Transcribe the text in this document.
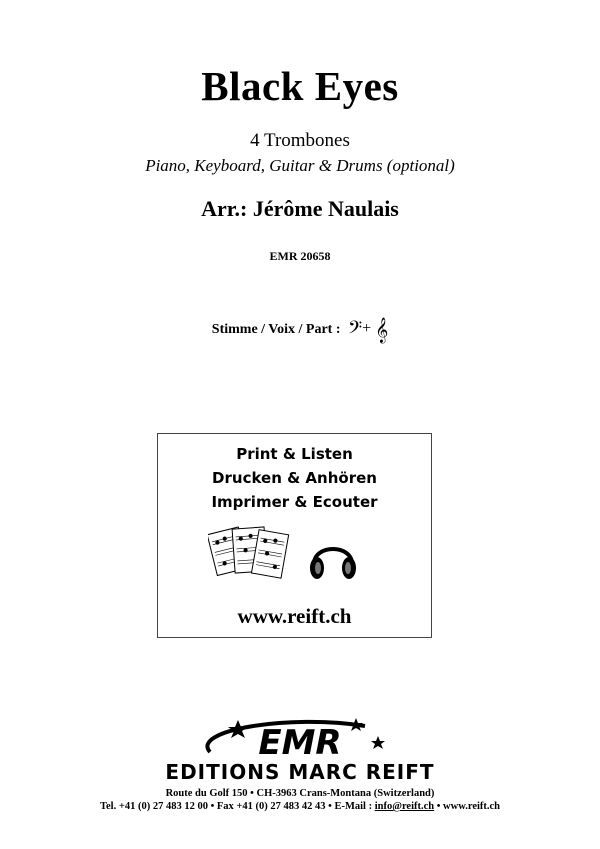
Black Eyes
4 Trombones
Piano, Keyboard, Guitar & Drums (optional)
Arr.: Jérôme Naulais
EMR 20658
Stimme / Voix / Part : 𝄢+ 𝄞
Print & Listen
Drucken & Anhören
Imprimer & Ecouter
www.reift.ch
EMR
EDITIONS MARC REIFT
Route du Golf 150 • CH-3963 Crans-Montana (Switzerland)
Tel. +41 (0) 27 483 12 00 • Fax +41 (0) 27 483 42 43 • E-Mail : info@reift.ch • www.reift.ch
